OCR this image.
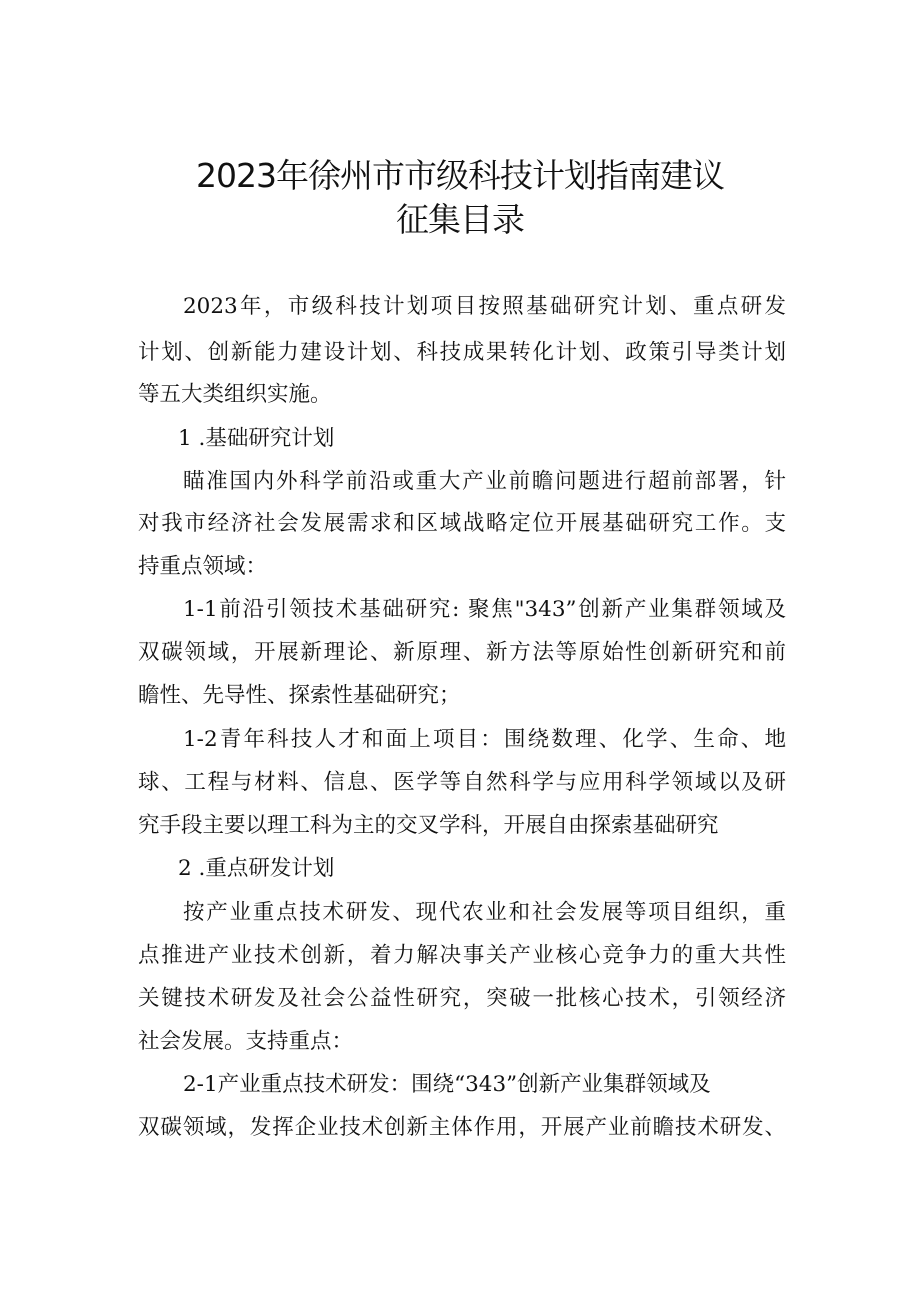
2023年徐州市市级科技计划指南建议
征集目录
2023年，市级科技计划项目按照基础研究计划、重点研发
计划、创新能力建设计划、科技成果转化计划、政策引导类计划
等五大类组织实施。
1 .基础研究计划
瞄准国内外科学前沿或重大产业前瞻问题进行超前部署，针
对我市经济社会发展需求和区域战略定位开展基础研究工作。支
持重点领域：
1-1前沿引领技术基础研究: 聚焦"343”创新产业集群领域及
双碳领域，开展新理论、新原理、新方法等原始性创新研究和前
瞻性、先导性、探索性基础研究；
1-2青年科技人才和面上项目：围绕数理、化学、生命、地
球、工程与材料、信息、医学等自然科学与应用科学领域以及研
究手段主要以理工科为主的交叉学科，开展自由探索基础研究
2 .重点研发计划
按产业重点技术研发、现代农业和社会发展等项目组织，重
点推进产业技术创新，着力解决事关产业核心竞争力的重大共性
关键技术研发及社会公益性研究，突破一批核心技术，引领经济
社会发展。支持重点：
2-1产业重点技术研发：围绕“343”创新产业集群领域及
双碳领域，发挥企业技术创新主体作用，开展产业前瞻技术研发、
